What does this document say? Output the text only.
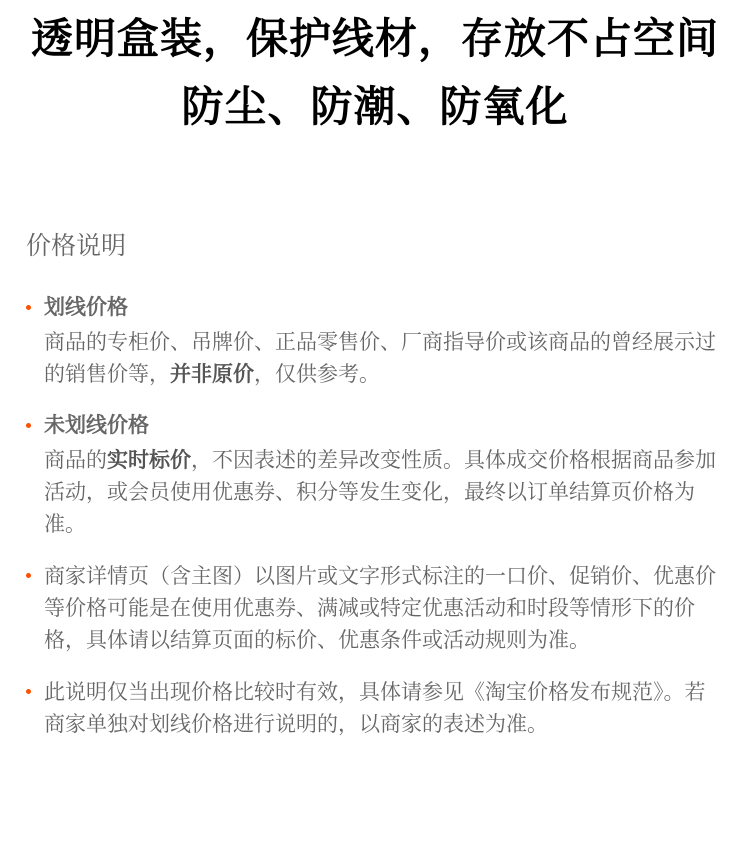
透明盒装，保护线材，存放不占空间
防尘、防潮、防氧化
价格说明
划线价格
商品的专柜价、吊牌价、正品零售价、厂商指导价或该商品的曾经展示过的销售价等，并非原价，仅供参考。
未划线价格
商品的实时标价，不因表述的差异改变性质。具体成交价格根据商品参加活动，或会员使用优惠券、积分等发生变化，最终以订单结算页价格为准。
商家详情页（含主图）以图片或文字形式标注的一口价、促销价、优惠价等价格可能是在使用优惠券、满减或特定优惠活动和时段等情形下的价格，具体请以结算页面的标价、优惠条件或活动规则为准。
此说明仅当出现价格比较时有效，具体请参见《淘宝价格发布规范》。若商家单独对划线价格进行说明的，以商家的表述为准。
